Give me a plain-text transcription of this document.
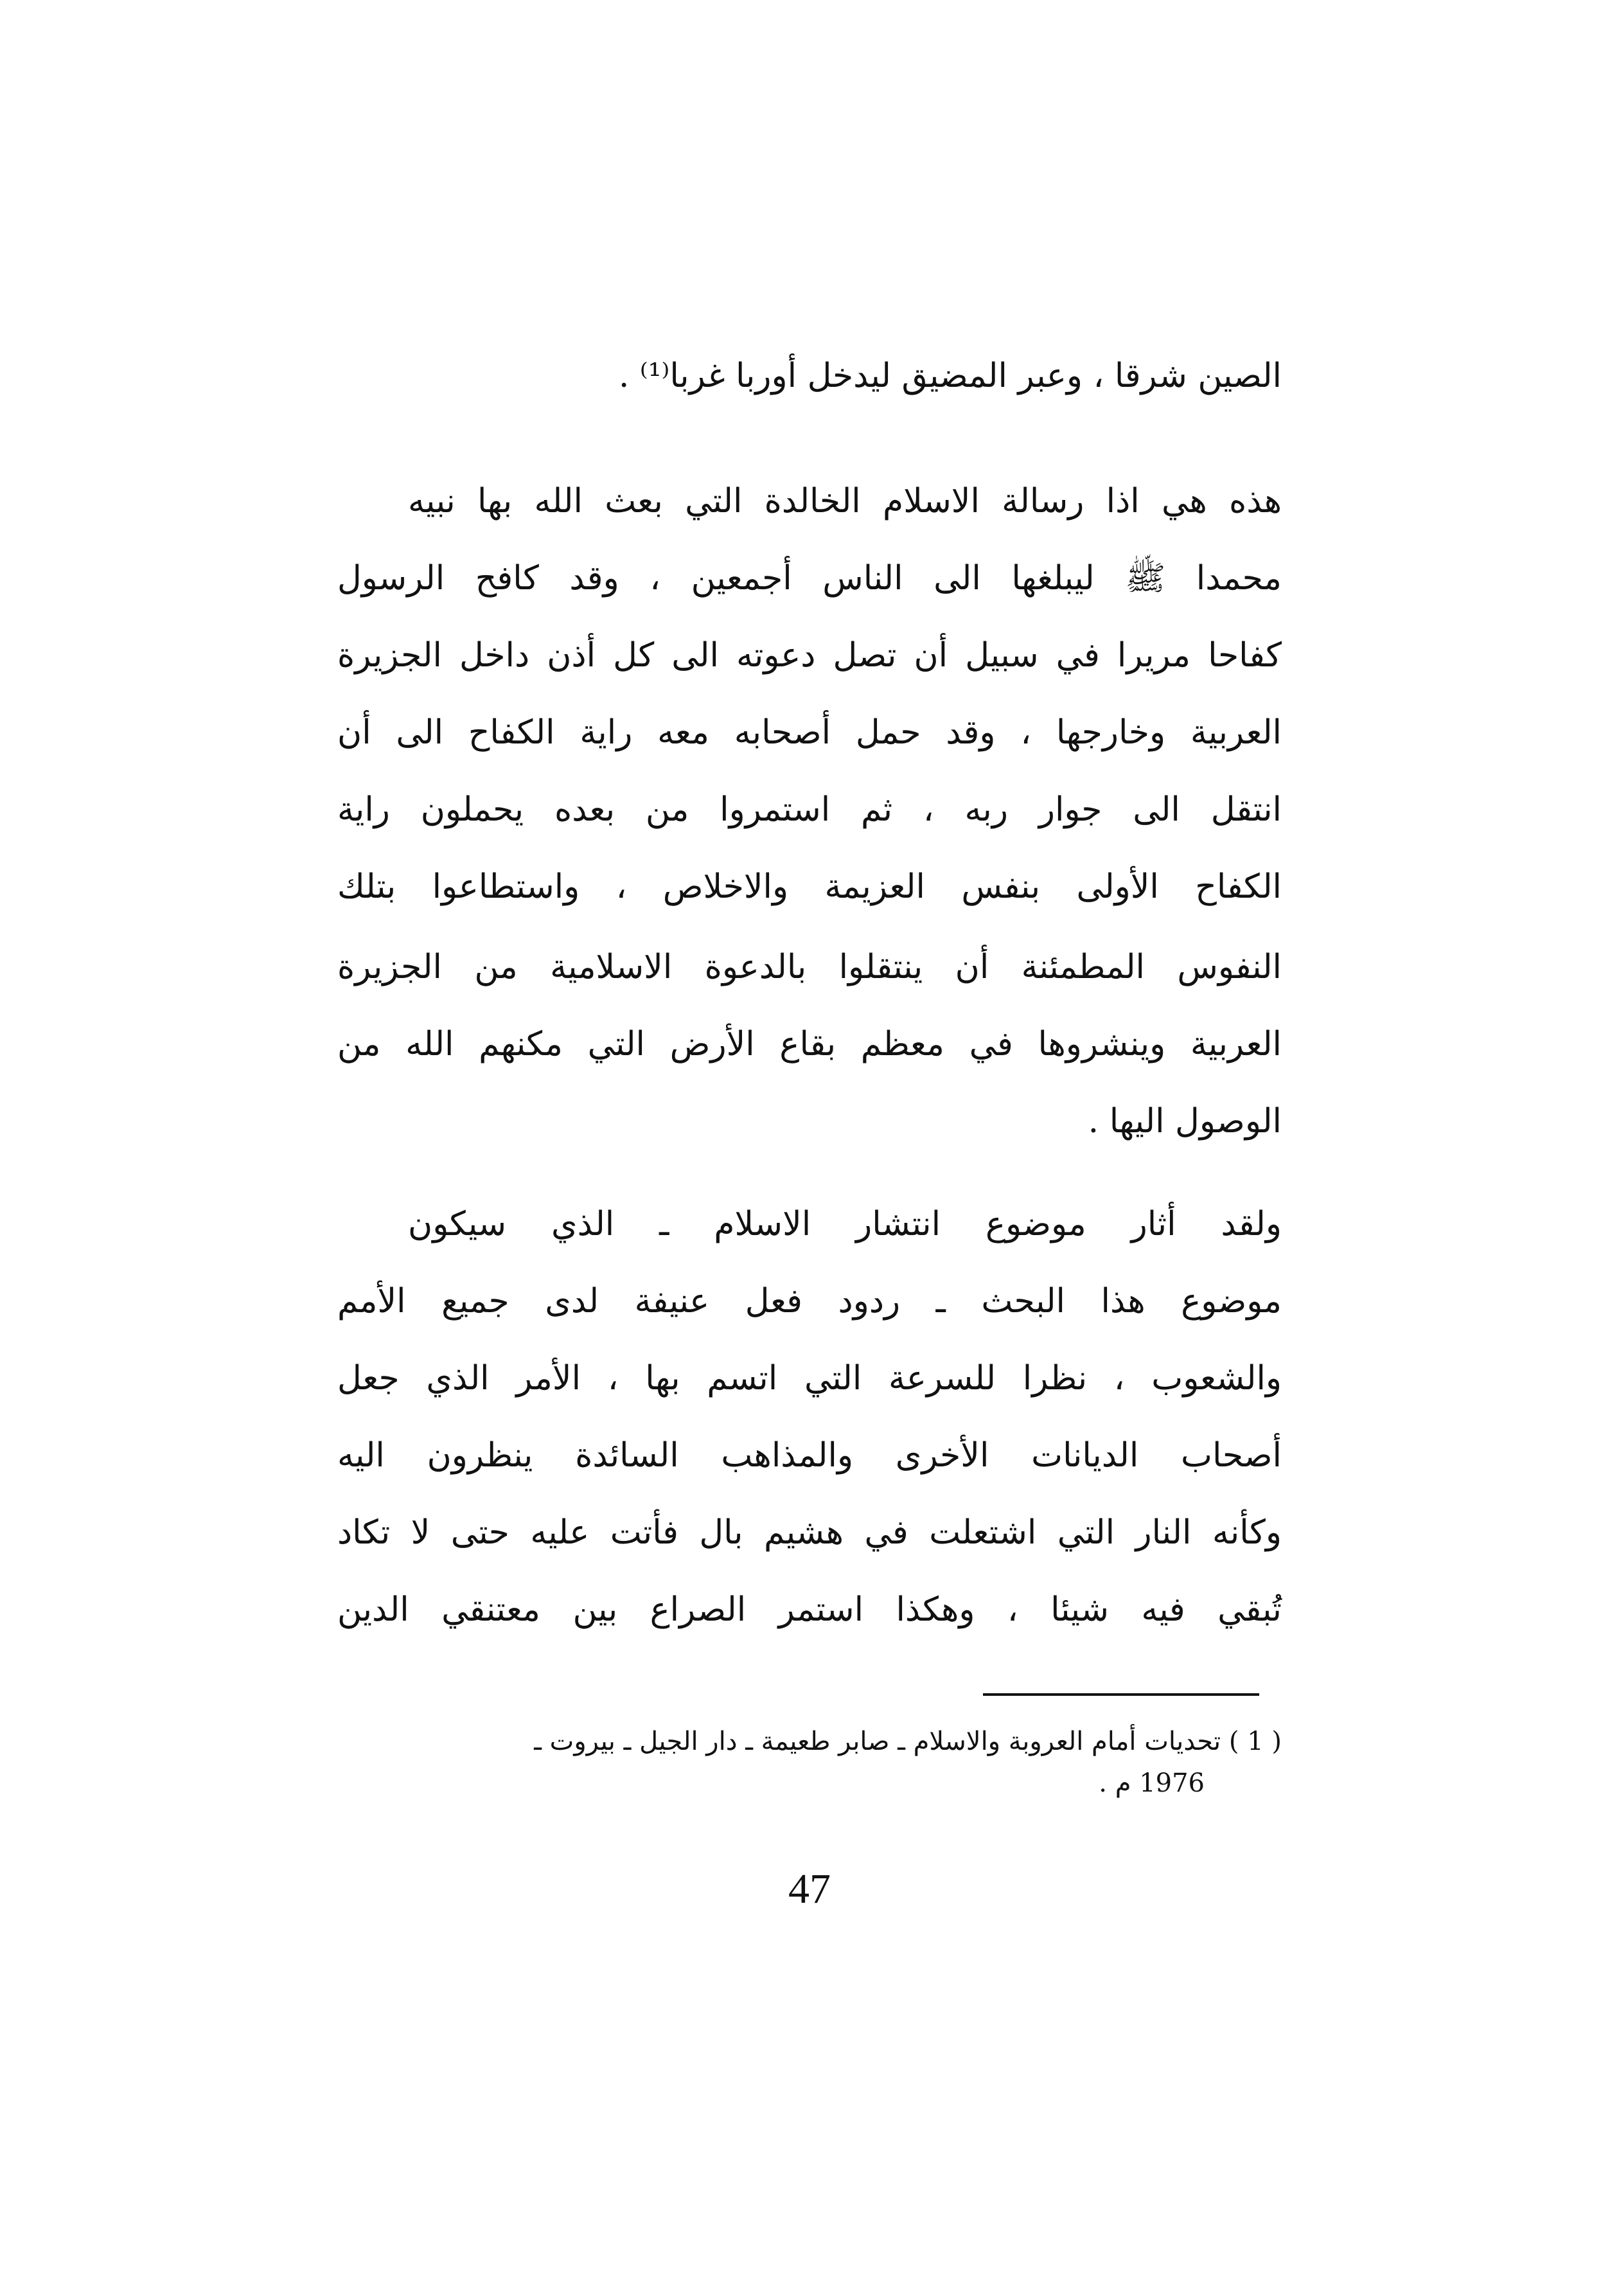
الصين شرقا ، وعبر المضيق ليدخل أوربا غربا⁽¹⁾ .
هذه هي اذا رسالة الاسلام الخالدة التي بعث الله بها نبيه
محمدا ﷺ ليبلغها الى الناس أجمعين ، وقد كافح الرسول
كفاحا مريرا في سبيل أن تصل دعوته الى كل أذن داخل الجزيرة
العربية وخارجها ، وقد حمل أصحابه معه راية الكفاح الى أن
انتقل الى جوار ربه ، ثم استمروا من بعده يحملون راية
الكفاح الأولى بنفس العزيمة والاخلاص ، واستطاعوا بتلك
النفوس المطمئنة أن ينتقلوا بالدعوة الاسلامية من الجزيرة
العربية وينشروها في معظم بقاع الأرض التي مكنهم الله من
الوصول اليها .
ولقد أثار موضوع انتشار الاسلام ـ الذي سيكون
موضوع هذا البحث ـ ردود فعل عنيفة لدى جميع الأمم
والشعوب ، نظرا للسرعة التي اتسم بها ، الأمر الذي جعل
أصحاب الديانات الأخرى والمذاهب السائدة ينظرون اليه
وكأنه النار التي اشتعلت في هشيم بال فأتت عليه حتى لا تكاد
تُبقي فيه شيئا ، وهكذا استمر الصراع بين معتنقي الدين
( 1 ) تحديات أمام العروبة والاسلام ـ صابر طعيمة ـ دار الجيل ـ بيروت ـ
1976 م .
47
